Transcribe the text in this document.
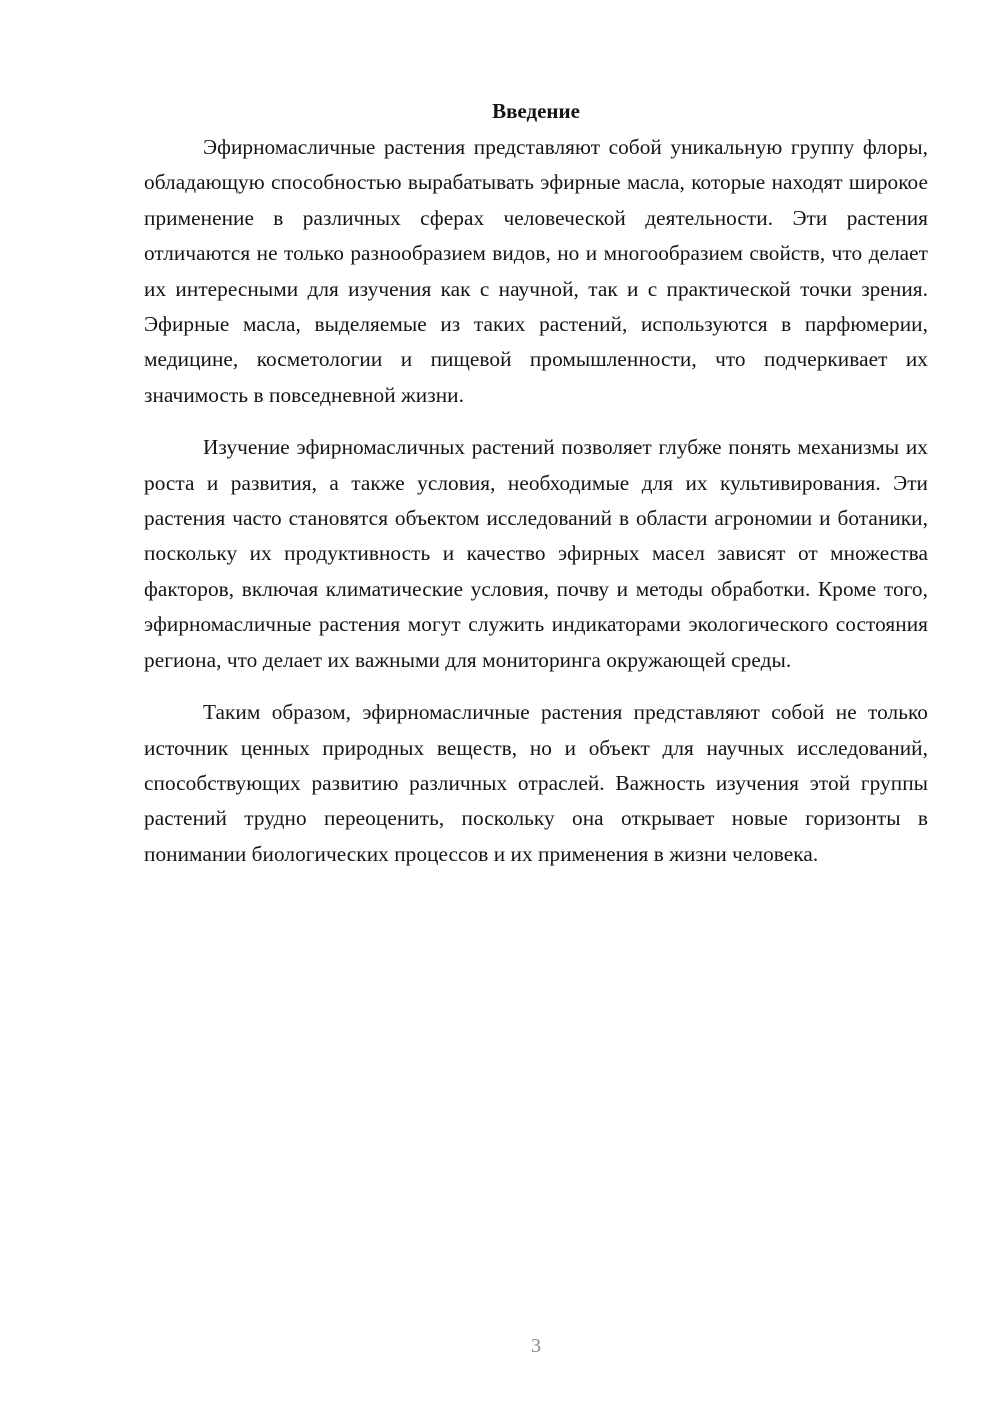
Введение

Эфирномасличные растения представляют собой уникальную группу флоры, обладающую способностью вырабатывать эфирные масла, которые находят широкое применение в различных сферах человеческой деятельности. Эти растения отличаются не только разнообразием видов, но и многообразием свойств, что делает их интересными для изучения как с научной, так и с практической точки зрения. Эфирные масла, выделяемые из таких растений, используются в парфюмерии, медицине, косметологии и пищевой промышленности, что подчеркивает их значимость в повседневной жизни.

Изучение эфирномасличных растений позволяет глубже понять механизмы их роста и развития, а также условия, необходимые для их культивирования. Эти растения часто становятся объектом исследований в области агрономии и ботаники, поскольку их продуктивность и качество эфирных масел зависят от множества факторов, включая климатические условия, почву и методы обработки. Кроме того, эфирномасличные растения могут служить индикаторами экологического состояния региона, что делает их важными для мониторинга окружающей среды.

Таким образом, эфирномасличные растения представляют собой не только источник ценных природных веществ, но и объект для научных исследований, способствующих развитию различных отраслей. Важность изучения этой группы растений трудно переоценить, поскольку она открывает новые горизонты в понимании биологических процессов и их применения в жизни человека.

3
